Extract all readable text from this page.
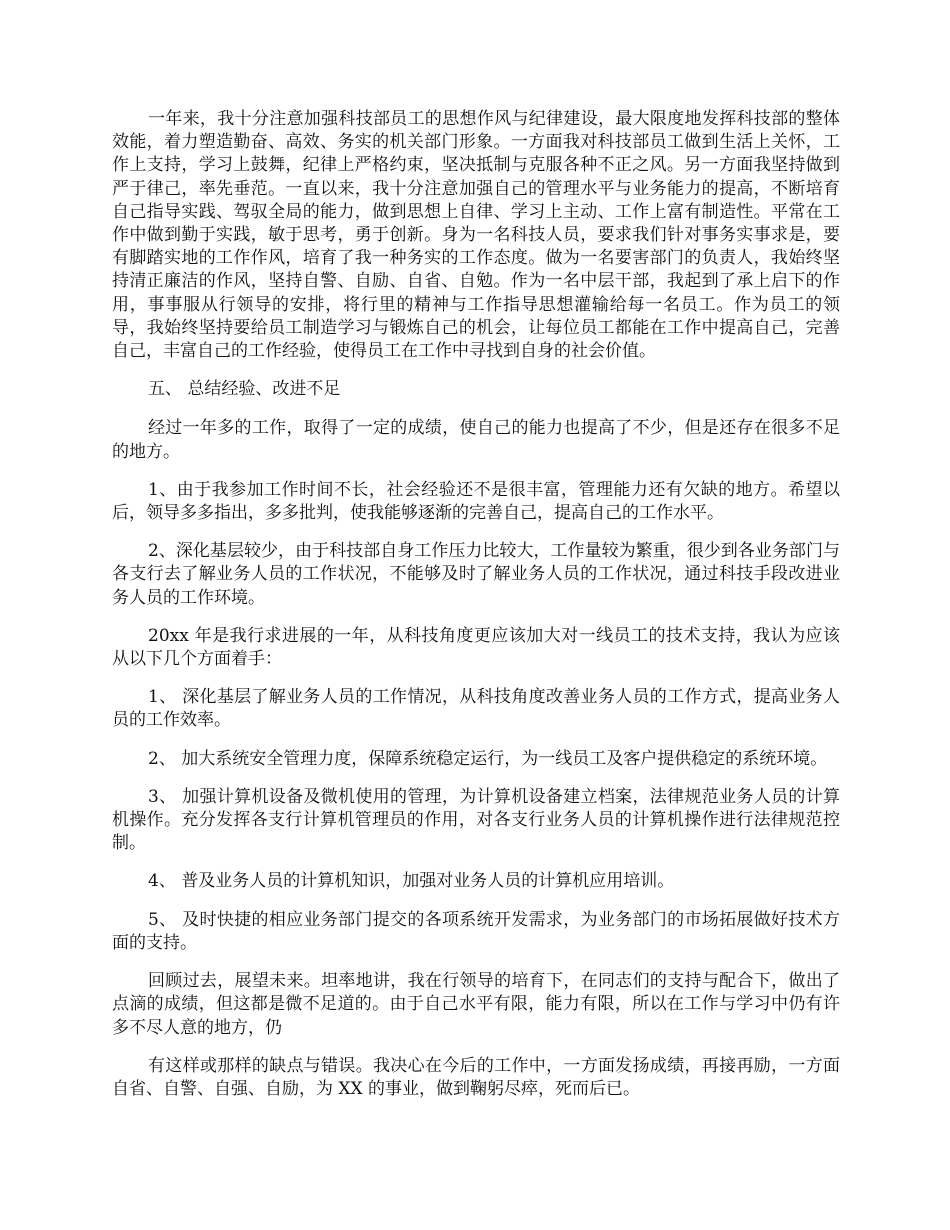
一年来，我十分注意加强科技部员工的思想作风与纪律建设，最大限度地发挥科技部的整体效能，着力塑造勤奋、高效、务实的机关部门形象。一方面我对科技部员工做到生活上关怀，工作上支持，学习上鼓舞，纪律上严格约束，坚决抵制与克服各种不正之风。另一方面我坚持做到严于律己，率先垂范。一直以来，我十分注意加强自己的管理水平与业务能力的提高，不断培育自己指导实践、驾驭全局的能力，做到思想上自律、学习上主动、工作上富有制造性。平常在工作中做到勤于实践，敏于思考，勇于创新。身为一名科技人员，要求我们针对事务实事求是，要有脚踏实地的工作作风，培育了我一种务实的工作态度。做为一名要害部门的负责人，我始终坚持清正廉洁的作风，坚持自警、自励、自省、自勉。作为一名中层干部，我起到了承上启下的作用，事事服从行领导的安排，将行里的精神与工作指导思想灌输给每一名员工。作为员工的领导，我始终坚持要给员工制造学习与锻炼自己的机会，让每位员工都能在工作中提高自己，完善自己，丰富自己的工作经验，使得员工在工作中寻找到自身的社会价值。

五、 总结经验、改进不足

经过一年多的工作，取得了一定的成绩，使自己的能力也提高了不少，但是还存在很多不足的地方。

1、由于我参加工作时间不长，社会经验还不是很丰富，管理能力还有欠缺的地方。希望以后，领导多多指出，多多批判，使我能够逐渐的完善自己，提高自己的工作水平。

2、深化基层较少，由于科技部自身工作压力比较大，工作量较为繁重，很少到各业务部门与各支行去了解业务人员的工作状况，不能够及时了解业务人员的工作状况，通过科技手段改进业务人员的工作环境。

20xx 年是我行求进展的一年，从科技角度更应该加大对一线员工的技术支持，我认为应该从以下几个方面着手：

1、 深化基层了解业务人员的工作情况，从科技角度改善业务人员的工作方式，提高业务人员的工作效率。

2、 加大系统安全管理力度，保障系统稳定运行，为一线员工及客户提供稳定的系统环境。

3、 加强计算机设备及微机使用的管理，为计算机设备建立档案，法律规范业务人员的计算机操作。充分发挥各支行计算机管理员的作用，对各支行业务人员的计算机操作进行法律规范控制。

4、 普及业务人员的计算机知识，加强对业务人员的计算机应用培训。

5、 及时快捷的相应业务部门提交的各项系统开发需求，为业务部门的市场拓展做好技术方面的支持。

回顾过去，展望未来。坦率地讲，我在行领导的培育下，在同志们的支持与配合下，做出了点滴的成绩，但这都是微不足道的。由于自己水平有限，能力有限，所以在工作与学习中仍有许多不尽人意的地方，仍

有这样或那样的缺点与错误。我决心在今后的工作中，一方面发扬成绩，再接再励，一方面自省、自警、自强、自励，为 XX 的事业，做到鞠躬尽瘁，死而后已。
